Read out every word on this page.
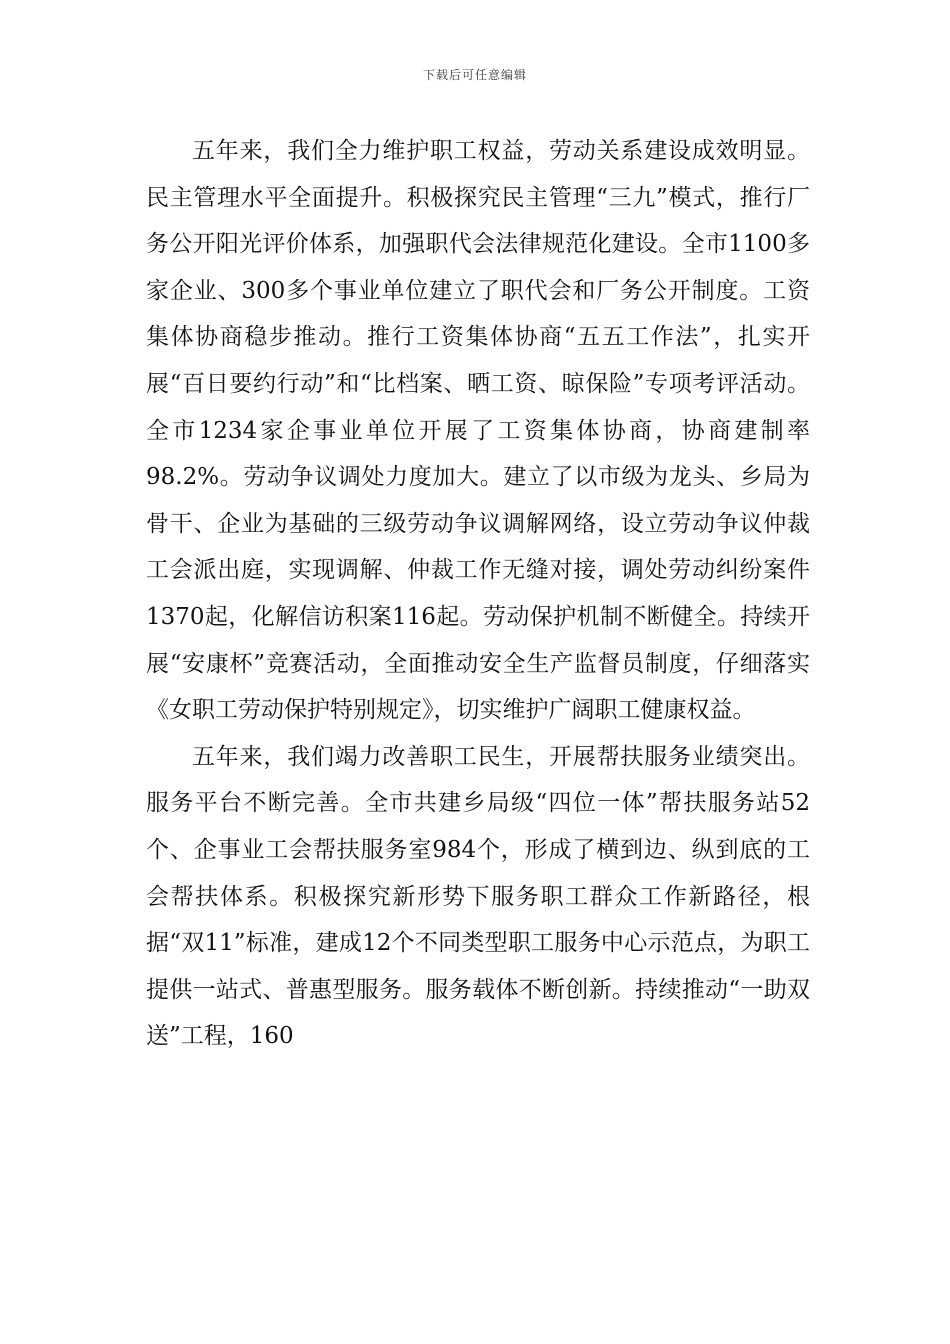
下载后可任意编辑

五年来，我们全力维护职工权益，劳动关系建设成效明显。民主管理水平全面提升。积极探究民主管理“三九”模式，推行厂务公开阳光评价体系，加强职代会法律规范化建设。全市1100多家企业、300多个事业单位建立了职代会和厂务公开制度。工资集体协商稳步推动。推行工资集体协商“五五工作法”，扎实开展“百日要约行动”和“比档案、晒工资、晾保险”专项考评活动。全市1234家企事业单位开展了工资集体协商，协商建制率98.2%。劳动争议调处力度加大。建立了以市级为龙头、乡局为骨干、企业为基础的三级劳动争议调解网络，设立劳动争议仲裁工会派出庭，实现调解、仲裁工作无缝对接，调处劳动纠纷案件1370起，化解信访积案116起。劳动保护机制不断健全。持续开展“安康杯”竞赛活动，全面推动安全生产监督员制度，仔细落实《女职工劳动保护特别规定》，切实维护广阔职工健康权益。

五年来，我们竭力改善职工民生，开展帮扶服务业绩突出。服务平台不断完善。全市共建乡局级“四位一体”帮扶服务站52个、企事业工会帮扶服务室984个，形成了横到边、纵到底的工会帮扶体系。积极探究新形势下服务职工群众工作新路径，根据“双11”标准，建成12个不同类型职工服务中心示范点，为职工提供一站式、普惠型服务。服务载体不断创新。持续推动“一助双送”工程，160
